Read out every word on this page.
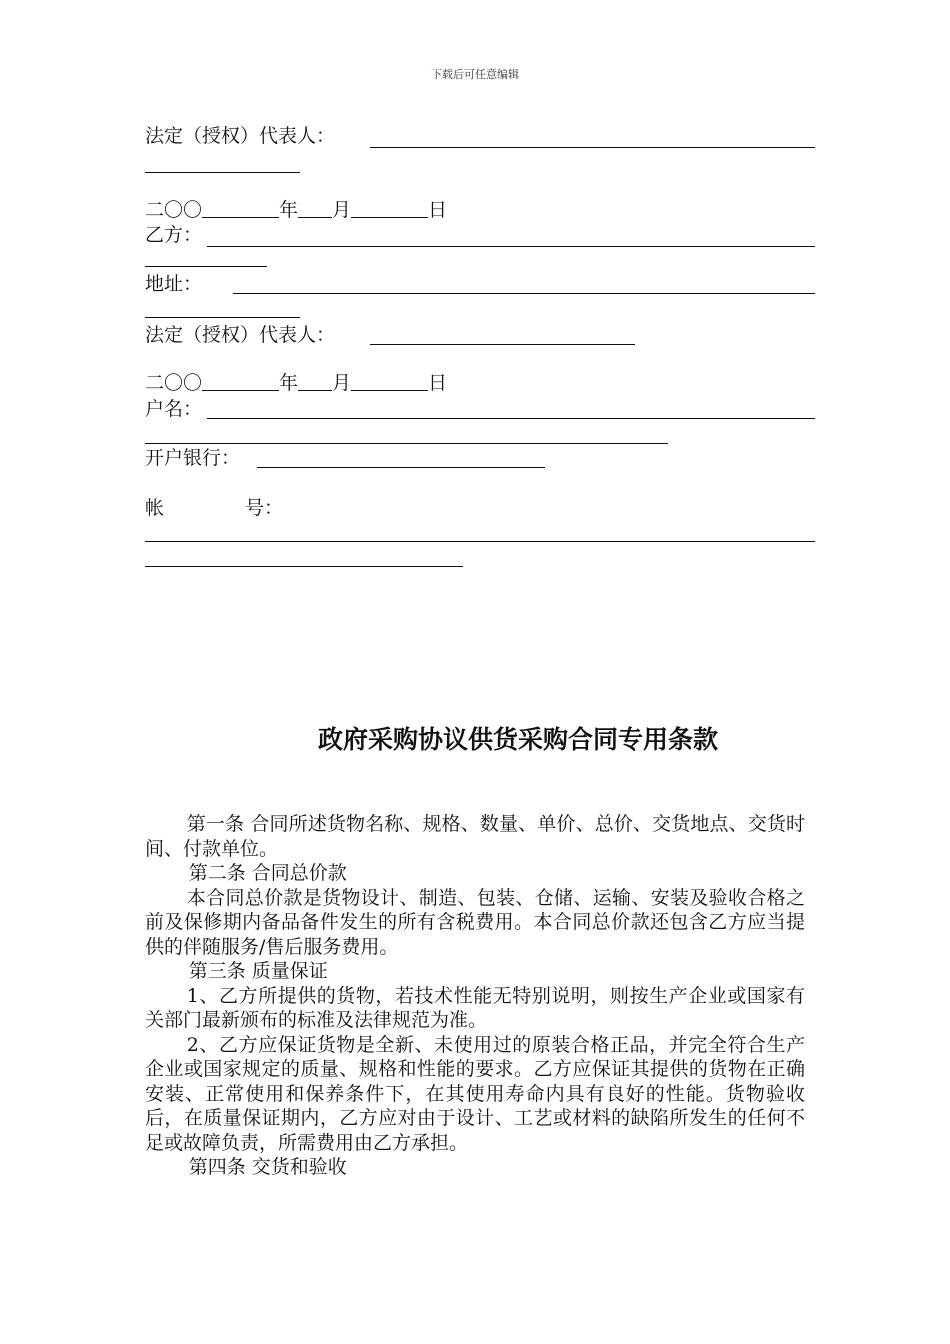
下载后可任意编辑
法定（授权）代表人：
二〇〇	年 月	日
乙方：
地址：
法定（授权）代表人：
二〇〇	年 月	日
户名：
开户银行：
帐	号：
政府采购协议供货采购合同专用条款

第一条 合同所述货物名称、规格、数量、单价、总价、交货地点、交货时间、付款单位。

第二条 合同总价款

本合同总价款是货物设计、制造、包装、仓储、运输、安装及验收合格之前及保修期内备品备件发生的所有含税费用。本合同总价款还包含乙方应当提供的伴随服务/售后服务费用。

第三条 质量保证

1、乙方所提供的货物，若技术性能无特别说明，则按生产企业或国家有关部门最新颁布的标准及法律规范为准。

2、乙方应保证货物是全新、未使用过的原装合格正品，并完全符合生产企业或国家规定的质量、规格和性能的要求。乙方应保证其提供的货物在正确安装、正常使用和保养条件下，在其使用寿命内具有良好的性能。货物验收后，在质量保证期内，乙方应对由于设计、工艺或材料的缺陷所发生的任何不足或故障负责，所需费用由乙方承担。

第四条 交货和验收
